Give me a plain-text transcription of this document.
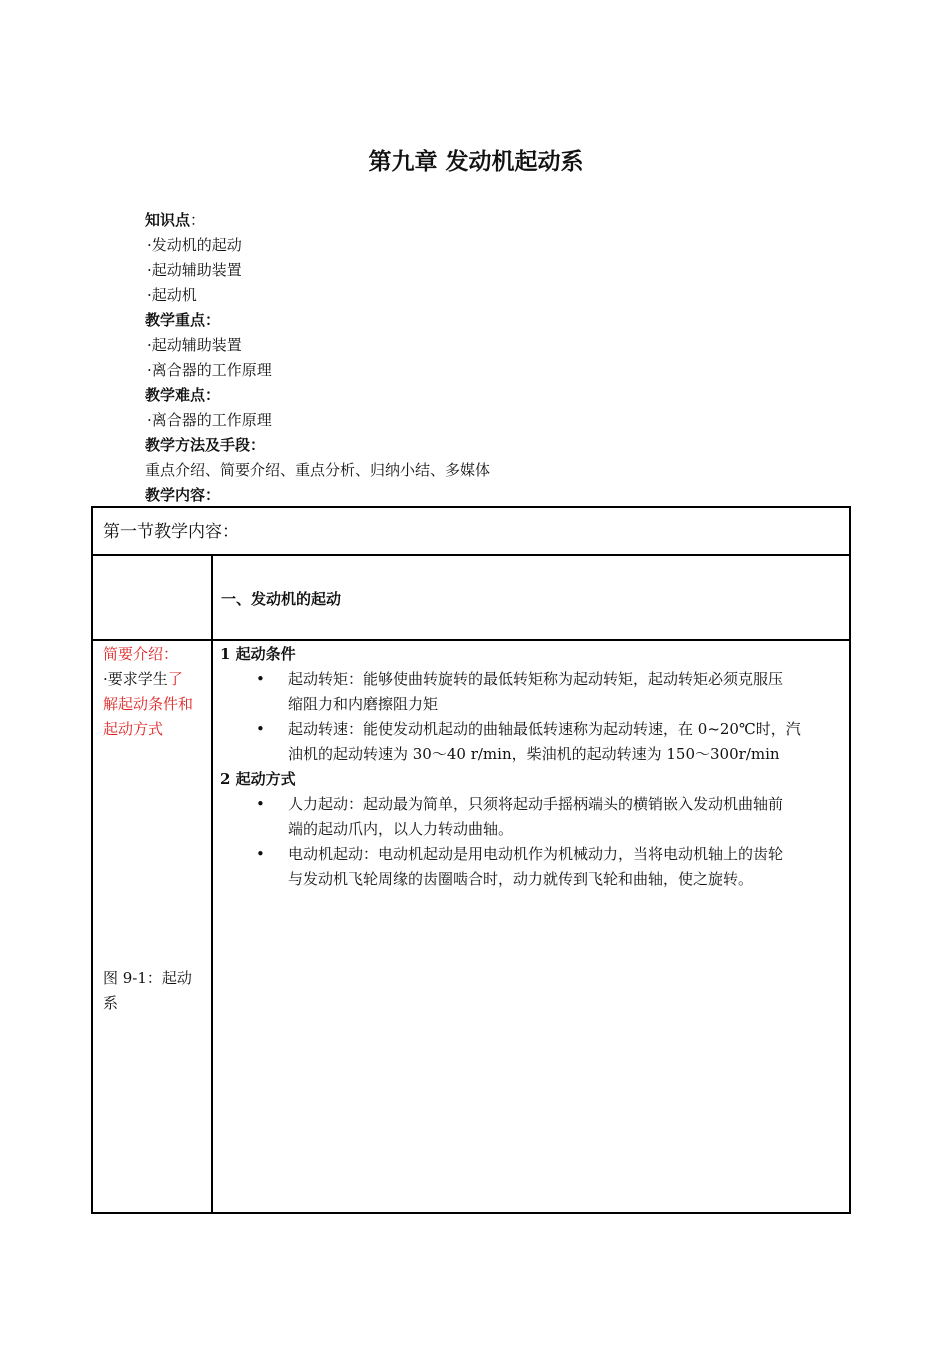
第九章 发动机起动系
知识点：
·发动机的起动
·起动辅助装置
·起动机
教学重点：
·起动辅助装置
·离合器的工作原理
教学难点：
·离合器的工作原理
教学方法及手段：
重点介绍、简要介绍、重点分析、归纳小结、多媒体
教学内容：
第一节教学内容：
一、发动机的起动
简要介绍：
·要求学生了
解起动条件和
起动方式
图 9-1：起动
系
1 起动条件
• 起动转矩：能够使曲转旋转的最低转矩称为起动转矩，起动转矩必须克服压
缩阻力和内磨擦阻力矩
• 起动转速：能使发动机起动的曲轴最低转速称为起动转速，在 0~20℃时，汽
油机的起动转速为 30～40 r/min，柴油机的起动转速为 150～300r/min
2 起动方式
• 人力起动：起动最为简单，只须将起动手摇柄端头的横销嵌入发动机曲轴前
端的起动爪内，以人力转动曲轴。
• 电动机起动：电动机起动是用电动机作为机械动力，当将电动机轴上的齿轮
与发动机飞轮周缘的齿圈啮合时，动力就传到飞轮和曲轴，使之旋转。
